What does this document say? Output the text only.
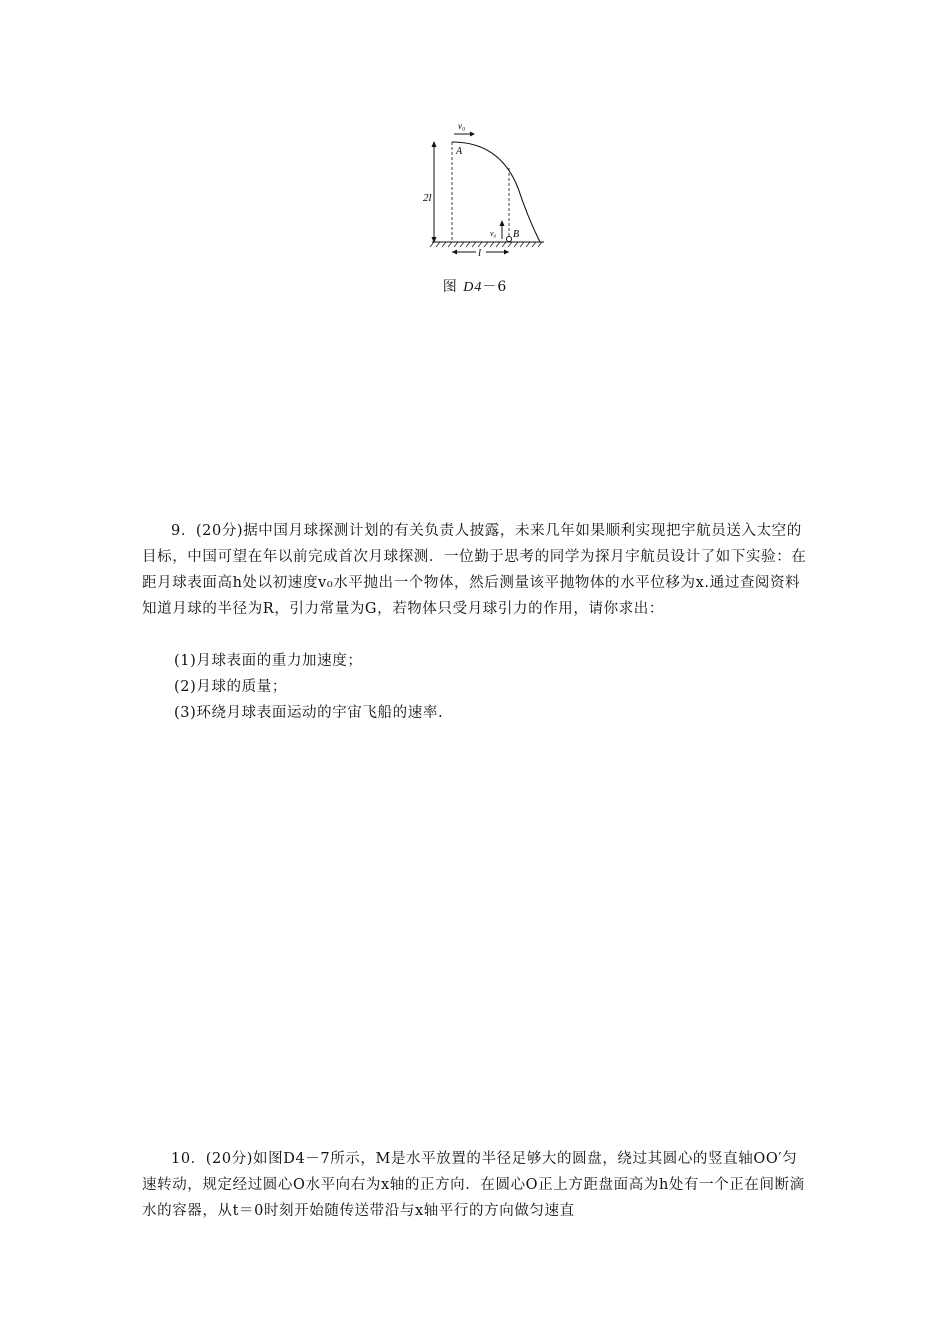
v₀
2l
A
v₀ B
l
图 D4－6

9．(20分)据中国月球探测计划的有关负责人披露，未来几年如果顺利实现把宇航员送入太空的目标，中国可望在年以前完成首次月球探测．一位勤于思考的同学为探月宇航员设计了如下实验：在距月球表面高h处以初速度v₀水平抛出一个物体，然后测量该平抛物体的水平位移为x.通过查阅资料知道月球的半径为R，引力常量为G，若物体只受月球引力的作用，请你求出：

(1)月球表面的重力加速度；

(2)月球的质量；

(3)环绕月球表面运动的宇宙飞船的速率.

10．(20分)如图D4－7所示，M是水平放置的半径足够大的圆盘，绕过其圆心的竖直轴OO′匀速转动，规定经过圆心O水平向右为x轴的正方向．在圆心O正上方距盘面高为h处有一个正在间断滴水的容器，从t＝0时刻开始随传送带沿与x轴平行的方向做匀速直
